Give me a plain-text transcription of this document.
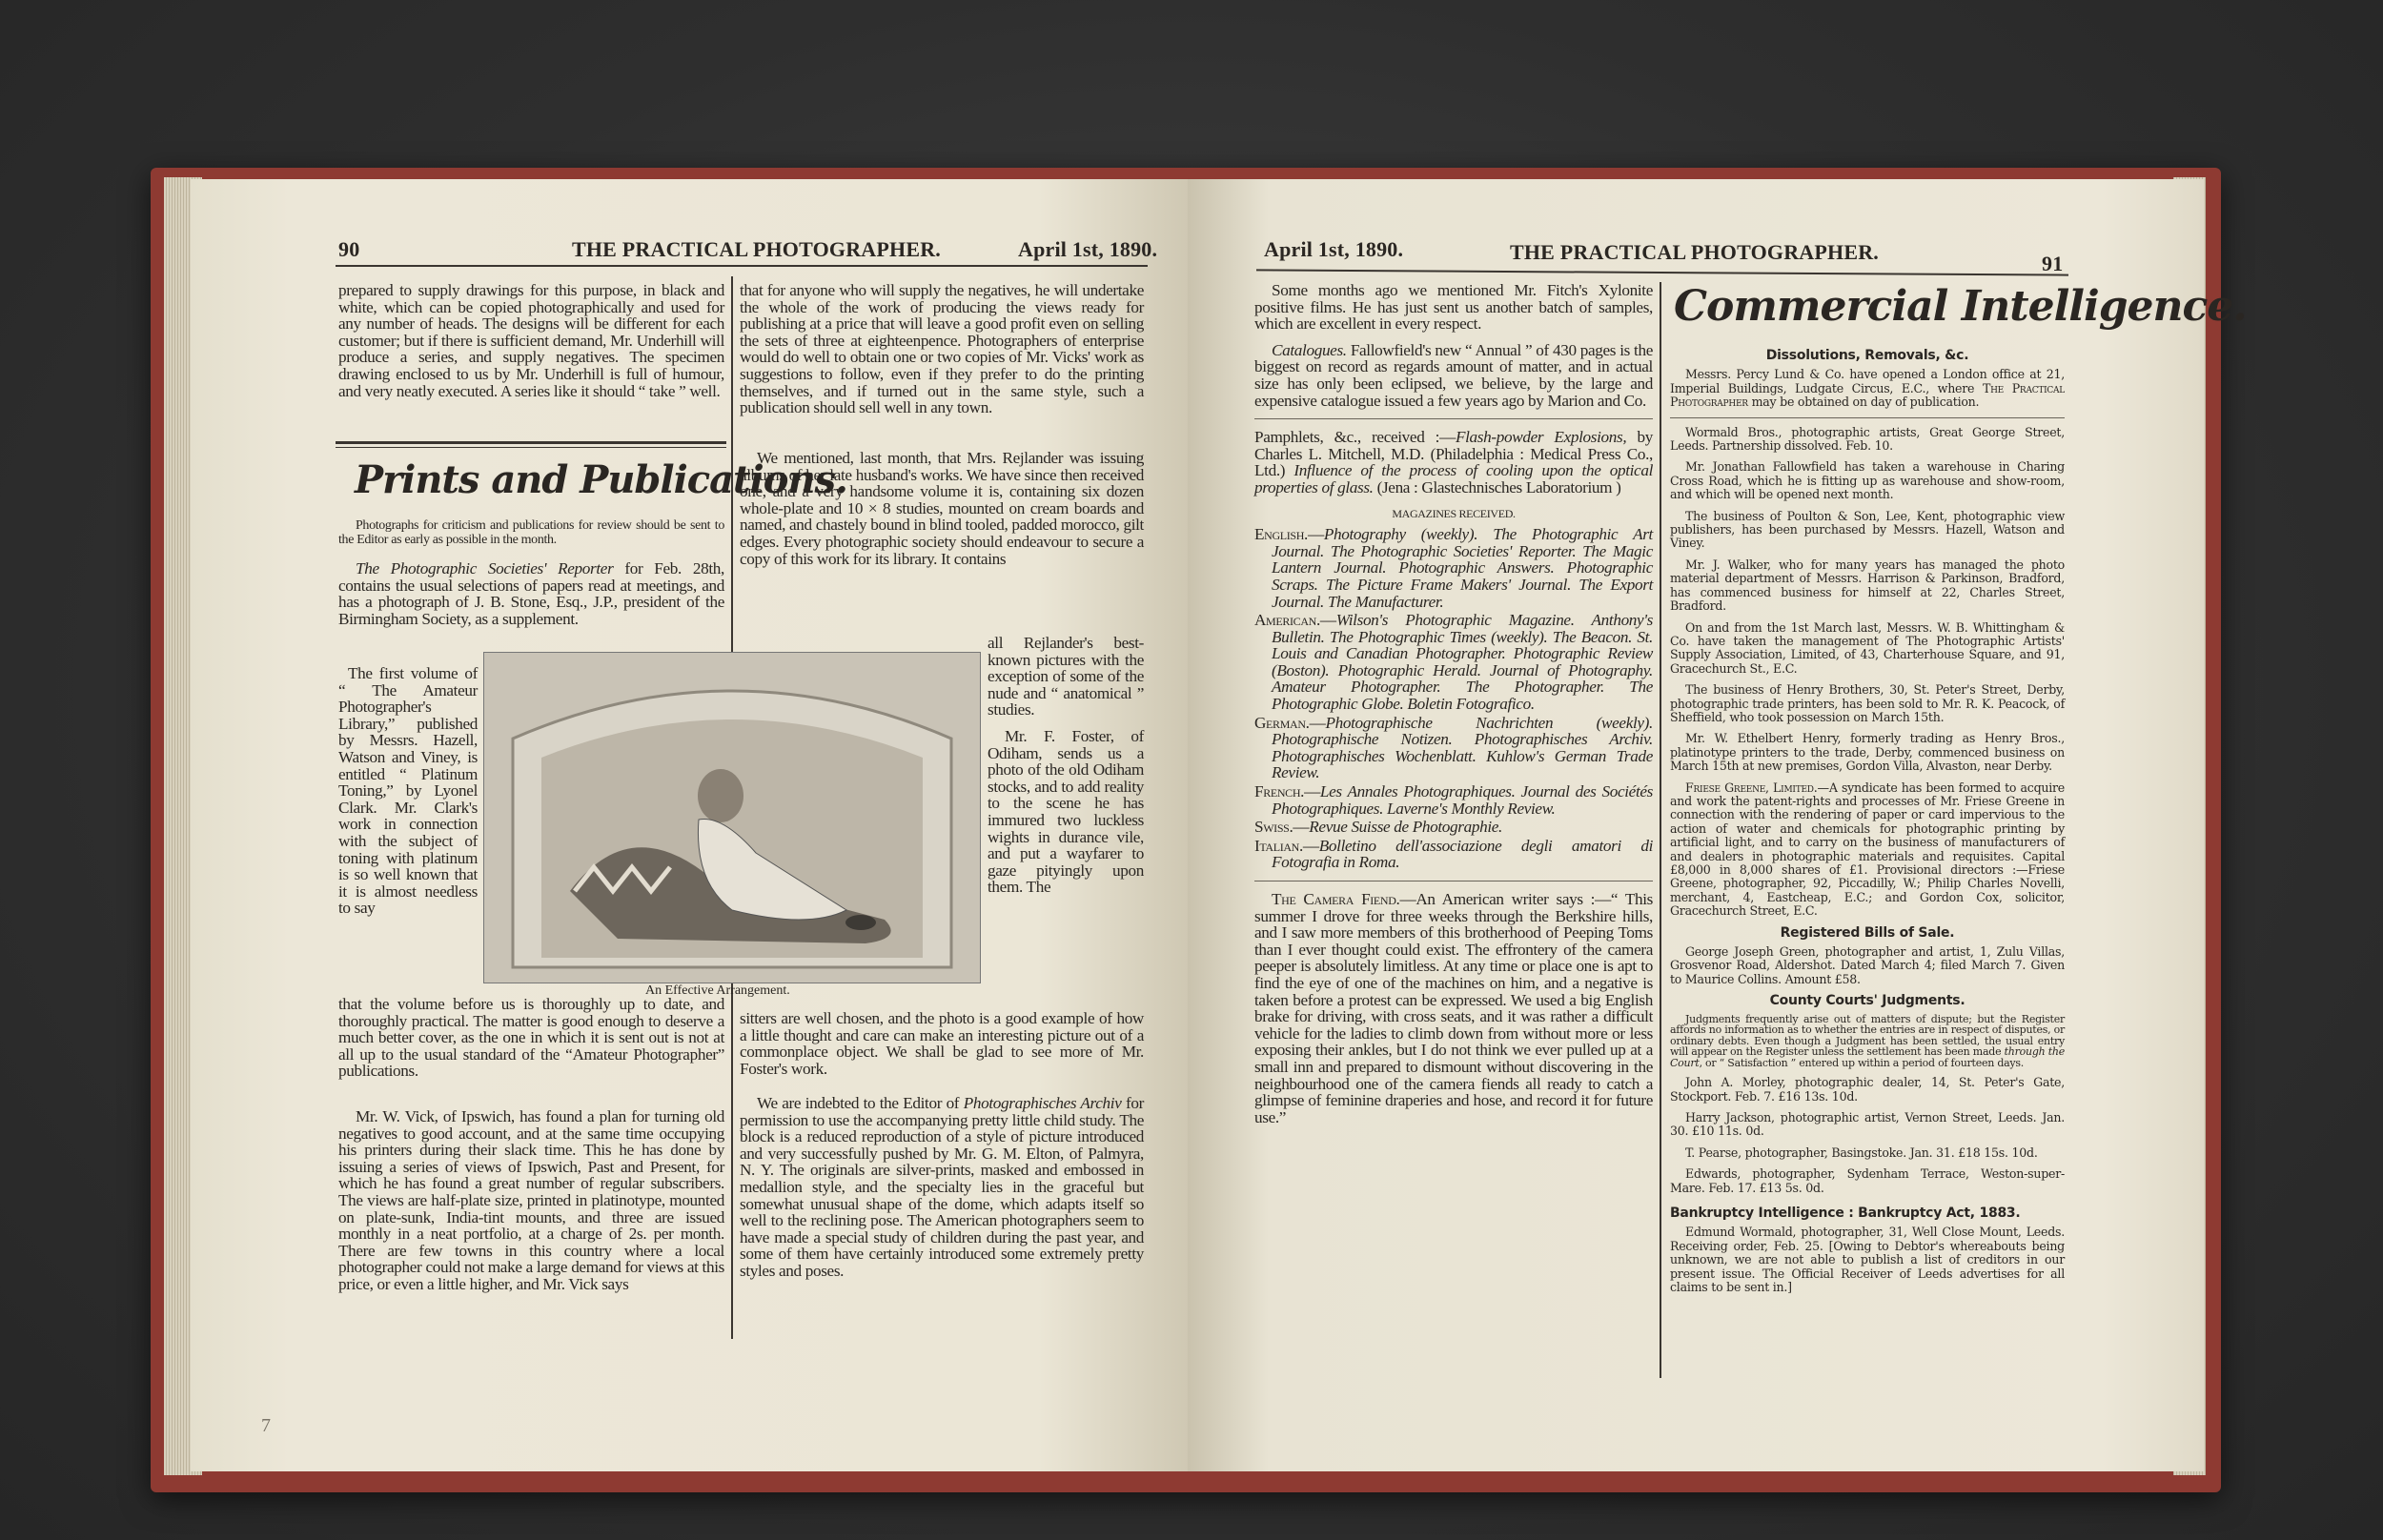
90	THE PRACTICAL PHOTOGRAPHER.	April 1st, 1890.

prepared to supply drawings for this purpose, in black and white, which can be copied photographically and used for any number of heads. The designs will be different for each customer; but if there is sufficient demand, Mr. Underhill will produce a series, and supply negatives. The specimen drawing enclosed to us by Mr. Underhill is full of humour, and very neatly executed. A series like it should “ take ” well.

Prints and Publications.

Photographs for criticism and publications for review should be sent to the Editor as early as possible in the month.

The Photographic Societies' Reporter for Feb. 28th, contains the usual selections of papers read at meetings, and has a photograph of J. B. Stone, Esq., J.P., president of the Birmingham Society, as a supplement.

The first volume of “ The Amateur Photographer's Library,” published by Messrs. Hazell, Watson and Viney, is entitled “ Platinum Toning,” by Lyonel Clark. Mr. Clark's work in connection with the subject of toning with platinum is so well known that it is almost needless to say

that the volume before us is thoroughly up to date, and thoroughly practical. The matter is good enough to deserve a much better cover, as the one in which it is sent out is not at all up to the usual standard of the “Amateur Photographer” publications.

Mr. W. Vick, of Ipswich, has found a plan for turning old negatives to good account, and at the same time occupying his printers during their slack time. This he has done by issuing a series of views of Ipswich, Past and Present, for which he has found a great number of regular subscribers. The views are half-plate size, printed in platinotype, mounted on plate-sunk, India-tint mounts, and three are issued monthly in a neat portfolio, at a charge of 2s. per month. There are few towns in this country where a local photographer could not make a large demand for views at this price, or even a little higher, and Mr. Vick says

that for anyone who will supply the negatives, he will undertake the whole of the work of producing the views ready for publishing at a price that will leave a good profit even on selling the sets of three at eighteenpence. Photographers of enterprise would do well to obtain one or two copies of Mr. Vicks' work as suggestions to follow, even if they prefer to do the printing themselves, and if turned out in the same style, such a publication should sell well in any town.

We mentioned, last month, that Mrs. Rejlander was issuing albums of her late husband's works. We have since then received one, and a very handsome volume it is, containing six dozen whole-plate and 10 × 8 studies, mounted on cream boards and named, and chastely bound in blind tooled, padded morocco, gilt edges. Every photographic society should endeavour to secure a copy of this work for its library. It contains

all Rejlander's best-known pictures with the exception of some of the nude and “ anatomical ” studies.

Mr. F. Foster, of Odiham, sends us a photo of the old Odiham stocks, and to add reality to the scene he has immured two luckless wights in durance vile, and put a wayfarer to gaze pityingly upon them. The

sitters are well chosen, and the photo is a good example of how a little thought and care can make an interesting picture out of a commonplace object. We shall be glad to see more of Mr. Foster's work.

We are indebted to the Editor of Photographisches Archiv for permission to use the accompanying pretty little child study. The block is a reduced reproduction of a style of picture introduced and very successfully pushed by Mr. G. M. Elton, of Palmyra, N. Y. The originals are silver-prints, masked and embossed in medallion style, and the specialty lies in the graceful but somewhat unusual shape of the dome, which adapts itself so well to the reclining pose. The American photographers seem to have made a special study of children during the past year, and some of them have certainly introduced some extremely pretty styles and poses.

An Effective Arrangement.
7
April 1st, 1890.	THE PRACTICAL PHOTOGRAPHER.	91

Some months ago we mentioned Mr. Fitch's Xylonite positive films. He has just sent us another batch of samples, which are excellent in every respect.

Catalogues. Fallowfield's new “ Annual ” of 430 pages is the biggest on record as regards amount of matter, and in actual size has only been eclipsed, we believe, by the large and expensive catalogue issued a few years ago by Marion and Co.

Pamphlets, &c., received :—Flash-powder Explosions, by Charles L. Mitchell, M.D. (Philadelphia : Medical Press Co., Ltd.) Influence of the process of cooling upon the optical properties of glass. (Jena : Glastechnisches Laboratorium )

MAGAZINES RECEIVED.

English.—Photography (weekly). The Photographic Art Journal. The Photographic Societies' Reporter. The Magic Lantern Journal. Photographic Answers. Photographic Scraps. The Picture Frame Makers' Journal. The Export Journal. The Manufacturer.

American.—Wilson's Photographic Magazine. Anthony's Bulletin. The Photographic Times (weekly). The Beacon. St. Louis and Canadian Photographer. Photographic Review (Boston). Photographic Herald. Journal of Photography. Amateur Photographer. The Photographer. The Photographic Globe. Boletin Fotografico.

German.—Photographische Nachrichten (weekly). Photographische Notizen. Photographisches Archiv. Photographisches Wochenblatt. Kuhlow's German Trade Review.

French.—Les Annales Photographiques. Journal des Sociétés Photographiques. Laverne's Monthly Review.

Swiss.—Revue Suisse de Photographie.

Italian.—Bolletino dell'associazione degli amatori di Fotografia in Roma.

The Camera Fiend.—An American writer says :—“ This summer I drove for three weeks through the Berkshire hills, and I saw more members of this brotherhood of Peeping Toms than I ever thought could exist. The effrontery of the camera peeper is absolutely limitless. At any time or place one is apt to find the eye of one of the machines on him, and a negative is taken before a protest can be expressed. We used a big English brake for driving, with cross seats, and it was rather a difficult vehicle for the ladies to climb down from without more or less exposing their ankles, but I do not think we ever pulled up at a small inn and prepared to dismount without discovering in the neighbourhood one of the camera fiends all ready to catch a glimpse of feminine draperies and hose, and record it for future use.”

Commercial Intelligence.
Dissolutions, Removals, &c.

Messrs. Percy Lund & Co. have opened a London office at 21, Imperial Buildings, Ludgate Circus, E.C., where The Practical Photographer may be obtained on day of publication.

Wormald Bros., photographic artists, Great George Street, Leeds. Partnership dissolved. Feb. 10.

Mr. Jonathan Fallowfield has taken a warehouse in Charing Cross Road, which he is fitting up as warehouse and show-room, and which will be opened next month.

The business of Poulton & Son, Lee, Kent, photographic view publishers, has been purchased by Messrs. Hazell, Watson and Viney.

Mr. J. Walker, who for many years has managed the photo material department of Messrs. Harrison & Parkinson, Bradford, has commenced business for himself at 22, Charles Street, Bradford.

On and from the 1st March last, Messrs. W. B. Whittingham & Co. have taken the management of The Photographic Artists' Supply Association, Limited, of 43, Charterhouse Square, and 91, Gracechurch St., E.C.

The business of Henry Brothers, 30, St. Peter's Street, Derby, photographic trade printers, has been sold to Mr. R. K. Peacock, of Sheffield, who took possession on March 15th.

Mr. W. Ethelbert Henry, formerly trading as Henry Bros., platinotype printers to the trade, Derby, commenced business on March 15th at new premises, Gordon Villa, Alvaston, near Derby.

Friese Greene, Limited.—A syndicate has been formed to acquire and work the patent-rights and processes of Mr. Friese Greene in connection with the rendering of paper or card impervious to the action of water and chemicals for photographic printing by artificial light, and to carry on the business of manufacturers of and dealers in photographic materials and requisites. Capital £8,000 in 8,000 shares of £1. Provisional directors :—Friese Greene, photographer, 92, Piccadilly, W.; Philip Charles Novelli, merchant, 4, Eastcheap, E.C.; and Gordon Cox, solicitor, Gracechurch Street, E.C.

Registered Bills of Sale.

George Joseph Green, photographer and artist, 1, Zulu Villas, Grosvenor Road, Aldershot. Dated March 4; filed March 7. Given to Maurice Collins. Amount £58.

County Courts' Judgments.

Judgments frequently arise out of matters of dispute; but the Register affords no information as to whether the entries are in respect of disputes, or ordinary debts. Even though a Judgment has been settled, the usual entry will appear on the Register unless the settlement has been made through the Court, or “ Satisfaction ” entered up within a period of fourteen days.

John A. Morley, photographic dealer, 14, St. Peter's Gate, Stockport. Feb. 7. £16 13s. 10d.

Harry Jackson, photographic artist, Vernon Street, Leeds. Jan. 30. £10 11s. 0d.

T. Pearse, photographer, Basingstoke. Jan. 31. £18 15s. 10d.

Edwards, photographer, Sydenham Terrace, Weston-super-Mare. Feb. 17. £13 5s. 0d.

Bankruptcy Intelligence : Bankruptcy Act, 1883.

Edmund Wormald, photographer, 31, Well Close Mount, Leeds. Receiving order, Feb. 25. [Owing to Debtor's whereabouts being unknown, we are not able to publish a list of creditors in our present issue. The Official Receiver of Leeds advertises for all claims to be sent in.]
